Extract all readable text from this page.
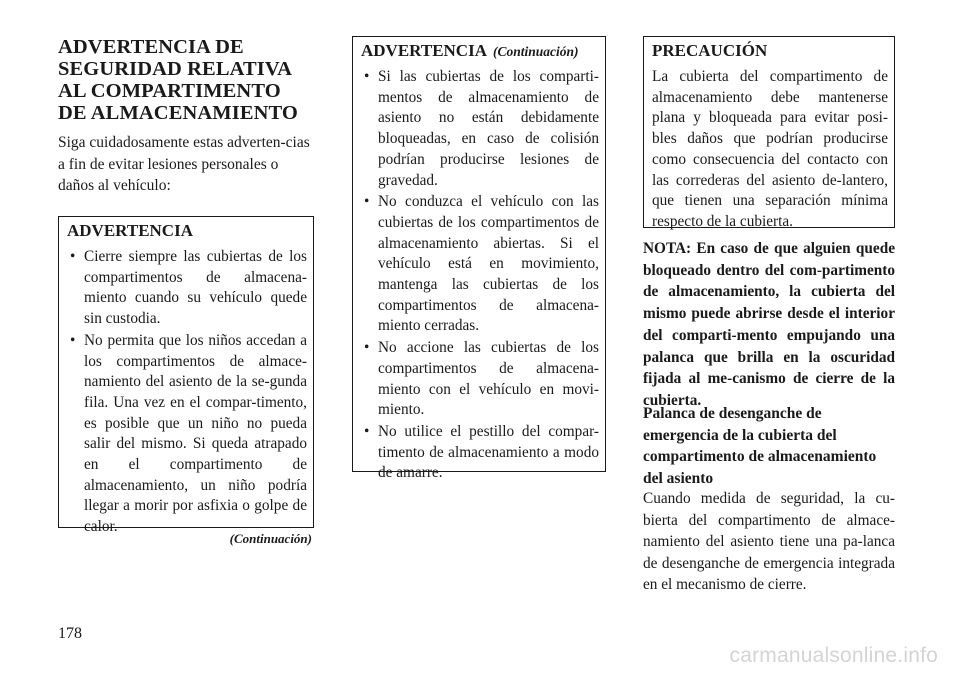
ADVERTENCIA DE SEGURIDAD RELATIVA AL COMPARTIMENTO DE ALMACENAMIENTO

Siga cuidadosamente estas adverten-cias a fin de evitar lesiones personales o daños al vehículo:

ADVERTENCIA

• Cierre siempre las cubiertas de los compartimentos de almacena-miento cuando su vehículo quede sin custodia.
• No permita que los niños accedan a los compartimentos de almace-namiento del asiento de la se-gunda fila. Una vez en el compar-timento, es posible que un niño no pueda salir del mismo. Si queda atrapado en el compartimento de almacenamiento, un niño podría llegar a morir por asfixia o golpe de calor.
(Continuación)

ADVERTENCIA (Continuación)

• Si las cubiertas de los comparti-mentos de almacenamiento de asiento no están debidamente bloqueadas, en caso de colisión podrían producirse lesiones de gravedad.
• No conduzca el vehículo con las cubiertas de los compartimentos de almacenamiento abiertas. Si el vehículo está en movimiento, mantenga las cubiertas de los compartimentos de almacena-miento cerradas.
• No accione las cubiertas de los compartimentos de almacena-miento con el vehículo en movi-miento.
• No utilice el pestillo del compar-timento de almacenamiento a modo de amarre.

PRECAUCIÓN

La cubierta del compartimento de almacenamiento debe mantenerse plana y bloqueada para evitar posi-bles daños que podrían producirse como consecuencia del contacto con las correderas del asiento de-lantero, que tienen una separación mínima respecto de la cubierta.

NOTA: En caso de que alguien quede bloqueado dentro del com-partimento de almacenamiento, la cubierta del mismo puede abrirse desde el interior del comparti-mento empujando una palanca que brilla en la oscuridad fijada al me-canismo de cierre de la cubierta.

Palanca de desenganche de emergencia de la cubierta del compartimento de almacenamiento del asiento

Cuando medida de seguridad, la cu-bierta del compartimento de almace-namiento del asiento tiene una pa-lanca de desenganche de emergencia integrada en el mecanismo de cierre.

178
carmanualsonline.info
